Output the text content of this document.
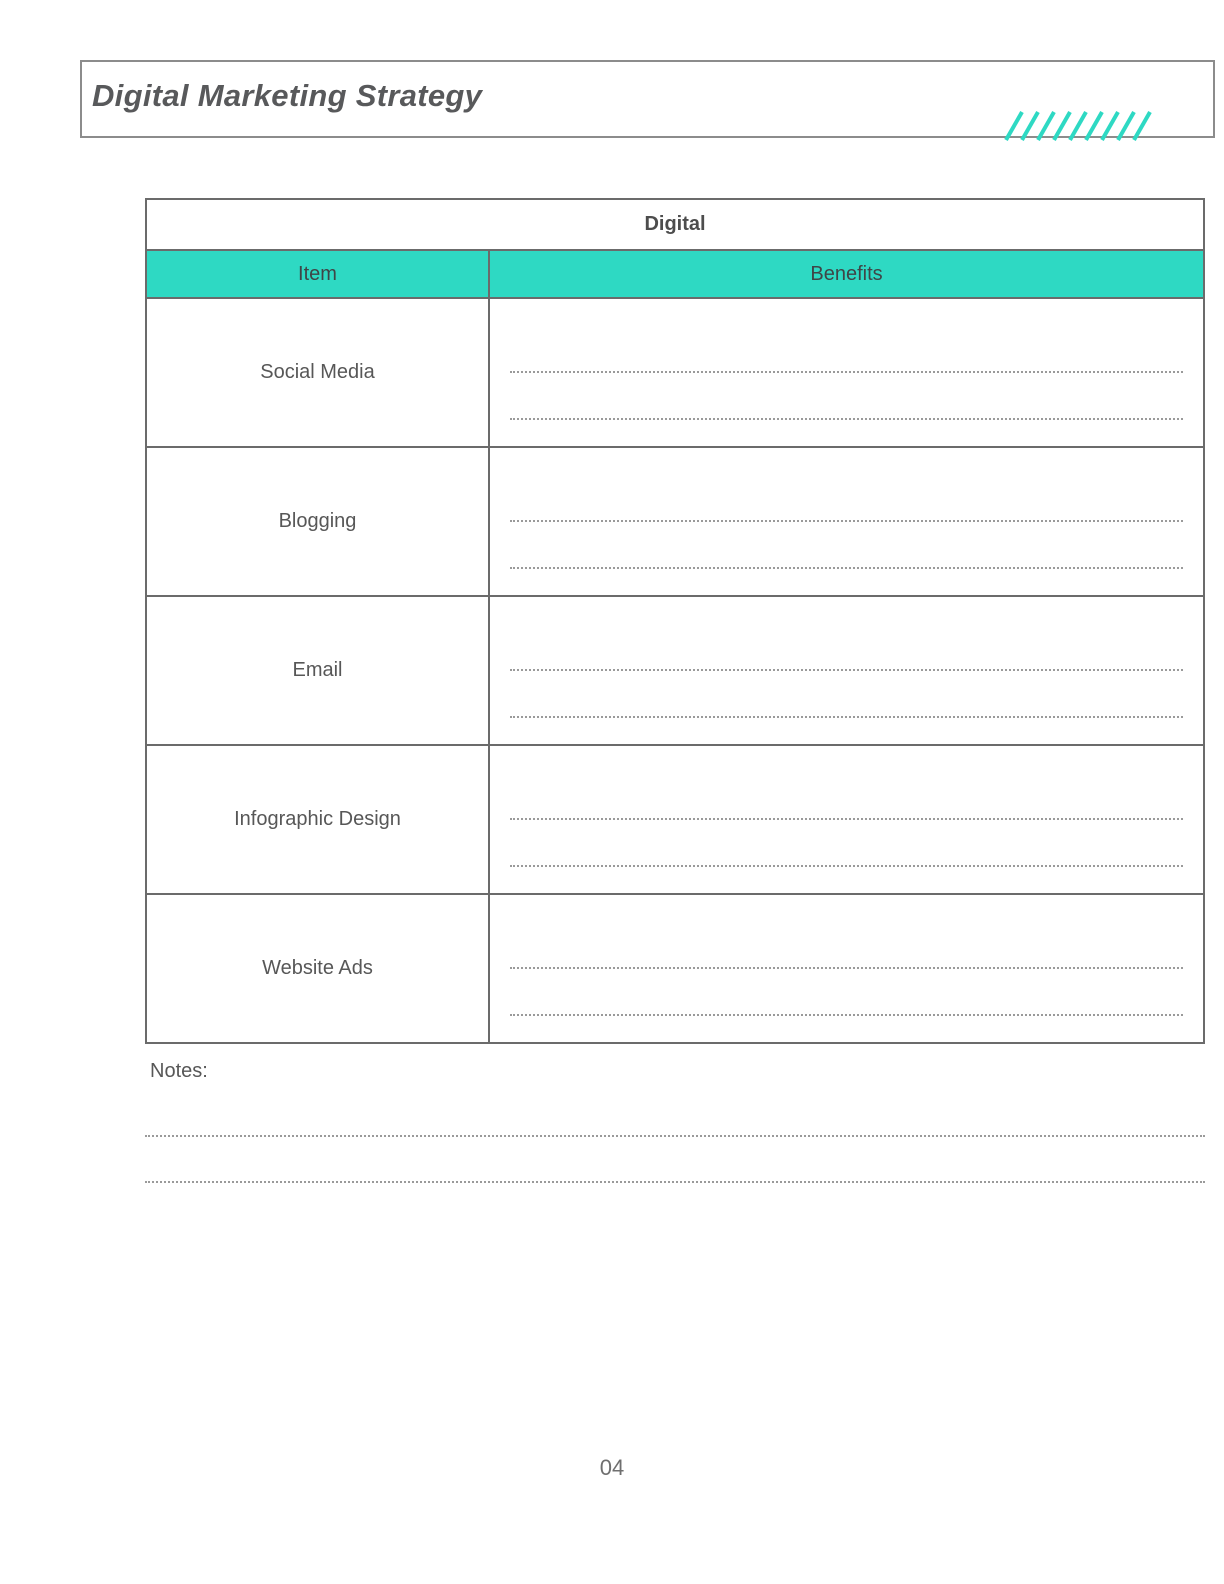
Digital Marketing Strategy
Digital
Item	Benefits
Social Media
Blogging
Email
Infographic Design
Website Ads
Notes:
04
